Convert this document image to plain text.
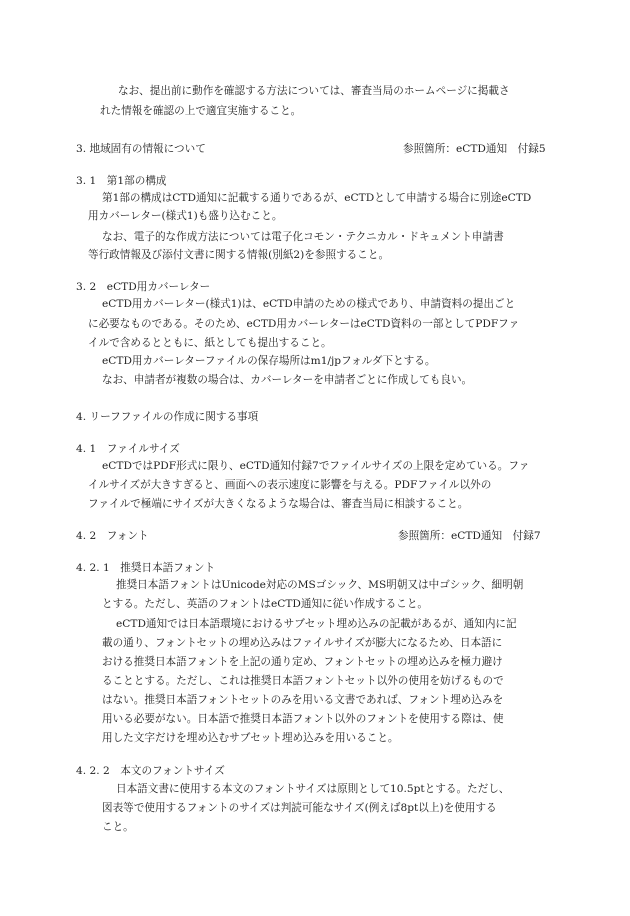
なお、提出前に動作を確認する方法については、審査当局のホームページに掲載さ
れた情報を確認の上で適宜実施すること。
3. 地域固有の情報について	参照箇所：eCTD通知　付録5
3. 1　第1部の構成
第1部の構成はCTD通知に記載する通りであるが、eCTDとして申請する場合に別途eCTD
用カバーレター(様式1)も盛り込むこと。
なお、電子的な作成方法については電子化コモン・テクニカル・ドキュメント申請書
等行政情報及び添付文書に関する情報(別紙2)を参照すること。
3. 2　eCTD用カバーレター
eCTD用カバーレター(様式1)は、eCTD申請のための様式であり、申請資料の提出ごと
に必要なものである。そのため、eCTD用カバーレターはeCTD資料の一部としてPDFファ
イルで含めるとともに、紙としても提出すること。
eCTD用カバーレターファイルの保存場所はm1/jpフォルダ下とする。
なお、申請者が複数の場合は、カバーレターを申請者ごとに作成しても良い。
4. リーフファイルの作成に関する事項
4. 1　ファイルサイズ
eCTDではPDF形式に限り、eCTD通知付録7でファイルサイズの上限を定めている。ファ
イルサイズが大きすぎると、画面への表示速度に影響を与える。PDFファイル以外の
ファイルで極端にサイズが大きくなるような場合は、審査当局に相談すること。
4. 2　フォント	参照箇所：eCTD通知　付録7
4. 2. 1　推奨日本語フォント
推奨日本語フォントはUnicode対応のMSゴシック、MS明朝又は中ゴシック、細明朝
とする。ただし、英語のフォントはeCTD通知に従い作成すること。
eCTD通知では日本語環境におけるサブセット埋め込みの記載があるが、通知内に記
載の通り、フォントセットの埋め込みはファイルサイズが膨大になるため、日本語に
おける推奨日本語フォントを上記の通り定め、フォントセットの埋め込みを極力避け
ることとする。ただし、これは推奨日本語フォントセット以外の使用を妨げるもので
はない。推奨日本語フォントセットのみを用いる文書であれば、フォント埋め込みを
用いる必要がない。日本語で推奨日本語フォント以外のフォントを使用する際は、使
用した文字だけを埋め込むサブセット埋め込みを用いること。
4. 2. 2　本文のフォントサイズ
日本語文書に使用する本文のフォントサイズは原則として10.5ptとする。ただし、
図表等で使用するフォントのサイズは判読可能なサイズ(例えば8pt以上)を使用する
こと。
